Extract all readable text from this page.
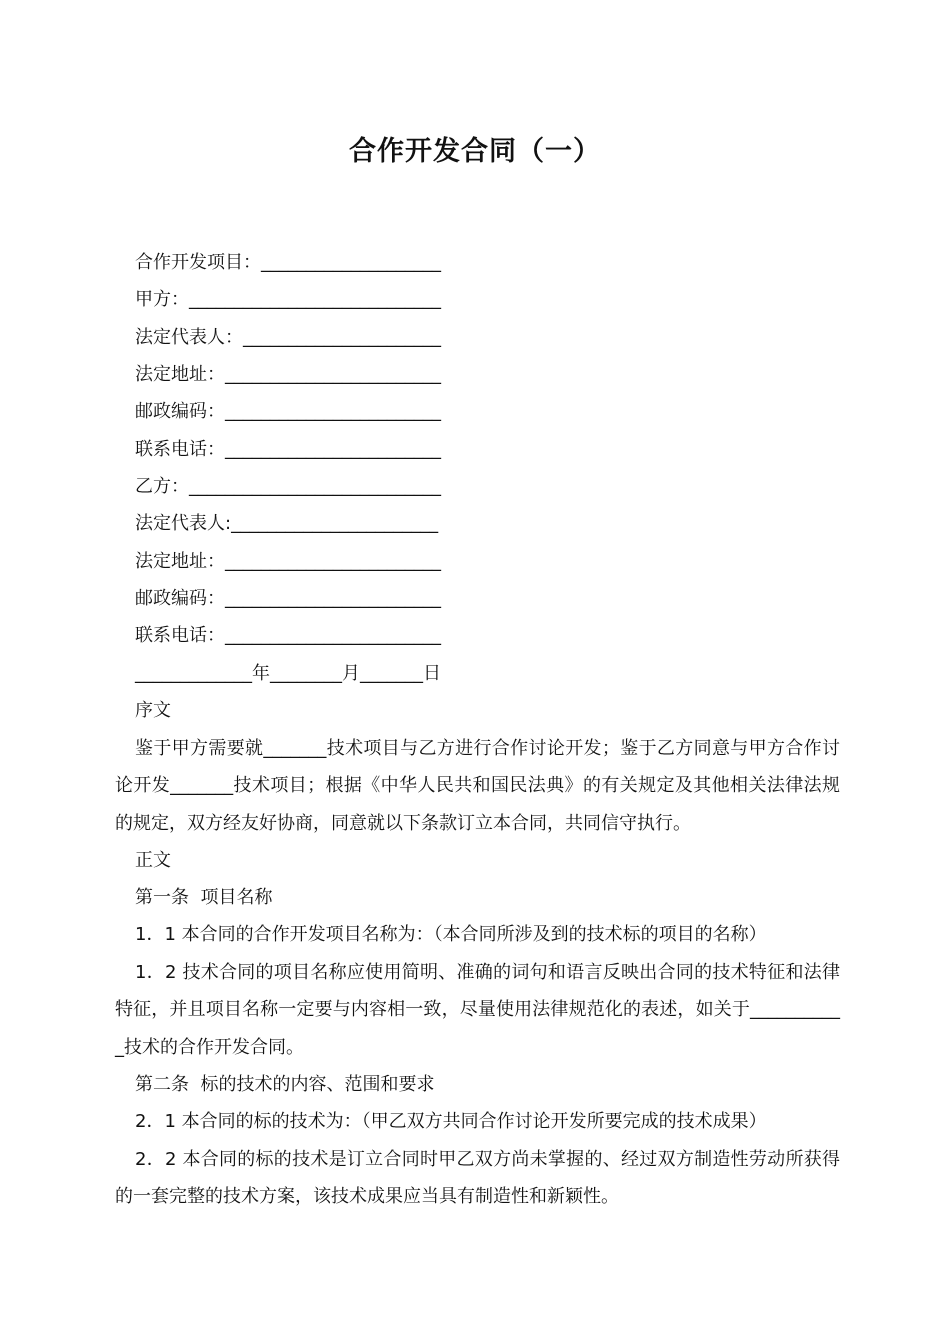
合作开发合同（一）
合作开发项目：____________________
甲方：____________________________
法定代表人：______________________
法定地址：________________________
邮政编码：________________________
联系电话：________________________
乙方：____________________________
法定代表人:_______________________
法定地址：________________________
邮政编码：________________________
联系电话：________________________
_____________年________月_______日
序文
鉴于甲方需要就_______技术项目与乙方进行合作讨论开发；鉴于乙方同意与甲方合作讨论开发_______技术项目；根据《中华人民共和国民法典》的有关规定及其他相关法律法规的规定，双方经友好协商，同意就以下条款订立本合同，共同信守执行。
正文
第一条  项目名称
1．1 本合同的合作开发项目名称为：（本合同所涉及到的技术标的项目的名称）
1．2 技术合同的项目名称应使用简明、准确的词句和语言反映出合同的技术特征和法律特征，并且项目名称一定要与内容相一致，尽量使用法律规范化的表述，如关于___________技术的合作开发合同。
第二条  标的技术的内容、范围和要求
2．1 本合同的标的技术为：（甲乙双方共同合作讨论开发所要完成的技术成果）
2．2 本合同的标的技术是订立合同时甲乙双方尚未掌握的、经过双方制造性劳动所获得的一套完整的技术方案，该技术成果应当具有制造性和新颖性。
